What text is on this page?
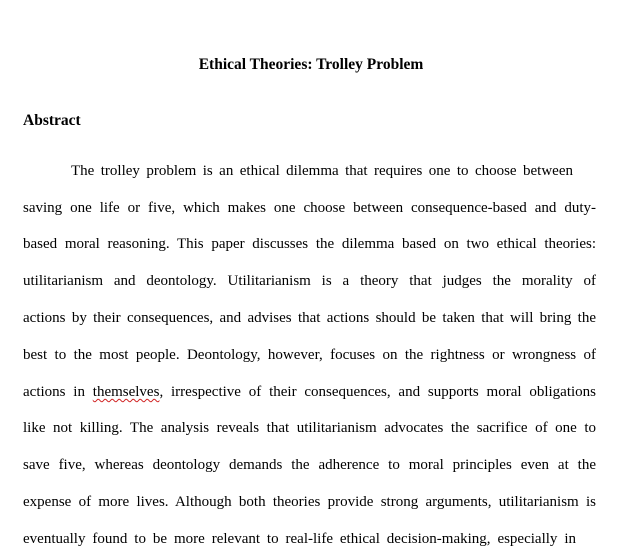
Ethical Theories: Trolley Problem
Abstract
The trolley problem is an ethical dilemma that requires one to choose between
saving one life or five, which makes one choose between consequence-based and duty-
based moral reasoning. This paper discusses the dilemma based on two ethical theories:
utilitarianism and deontology. Utilitarianism is a theory that judges the morality of
actions by their consequences, and advises that actions should be taken that will bring the
best to the most people. Deontology, however, focuses on the rightness or wrongness of
actions in themselves, irrespective of their consequences, and supports moral obligations
like not killing. The analysis reveals that utilitarianism advocates the sacrifice of one to
save five, whereas deontology demands the adherence to moral principles even at the
expense of more lives. Although both theories provide strong arguments, utilitarianism is
eventually found to be more relevant to real-life ethical decision-making, especially in
